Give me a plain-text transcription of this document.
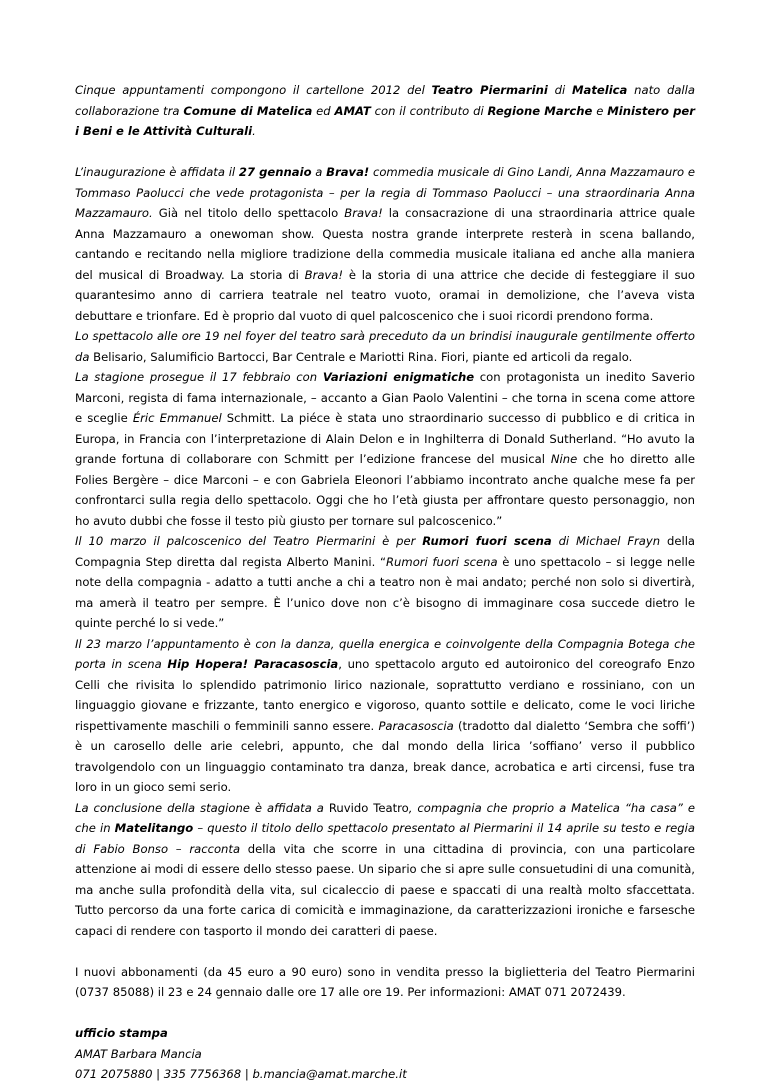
Cinque appuntamenti compongono il cartellone 2012 del Teatro Piermarini di Matelica nato dalla collaborazione tra Comune di Matelica ed AMAT con il contributo di Regione Marche e Ministero per i Beni e le Attività Culturali.

L’inaugurazione è affidata il 27 gennaio a Brava! commedia musicale di Gino Landi, Anna Mazzamauro e Tommaso Paolucci che vede protagonista – per la regia di Tommaso Paolucci – una straordinaria Anna Mazzamauro. Già nel titolo dello spettacolo Brava! la consacrazione di una straordinaria attrice quale Anna Mazzamauro a onewoman show. Questa nostra grande interprete resterà in scena ballando, cantando e recitando nella migliore tradizione della commedia musicale italiana ed anche alla maniera del musical di Broadway. La storia di Brava! è la storia di una attrice che decide di festeggiare il suo quarantesimo anno di carriera teatrale nel teatro vuoto, oramai in demolizione, che l’aveva vista debuttare e trionfare. Ed è proprio dal vuoto di quel palcoscenico che i suoi ricordi prendono forma.

Lo spettacolo alle ore 19 nel foyer del teatro sarà preceduto da un brindisi inaugurale gentilmente offerto da Belisario, Salumificio Bartocci, Bar Centrale e Mariotti Rina. Fiori, piante ed articoli da regalo.

La stagione prosegue il 17 febbraio con Variazioni enigmatiche con protagonista un inedito Saverio Marconi, regista di fama internazionale, – accanto a Gian Paolo Valentini – che torna in scena come attore e sceglie Éric Emmanuel Schmitt. La piéce è stata uno straordinario successo di pubblico e di critica in Europa, in Francia con l’interpretazione di Alain Delon e in Inghilterra di Donald Sutherland. “Ho avuto la grande fortuna di collaborare con Schmitt per l’edizione francese del musical Nine che ho diretto alle Folies Bergère – dice Marconi – e con Gabriela Eleonori l’abbiamo incontrato anche qualche mese fa per confrontarci sulla regia dello spettacolo. Oggi che ho l’età giusta per affrontare questo personaggio, non ho avuto dubbi che fosse il testo più giusto per tornare sul palcoscenico.”

Il 10 marzo il palcoscenico del Teatro Piermarini è per Rumori fuori scena di Michael Frayn della Compagnia Step diretta dal regista Alberto Manini. “Rumori fuori scena è uno spettacolo – si legge nelle note della compagnia - adatto a tutti anche a chi a teatro non è mai andato; perché non solo si divertirà, ma amerà il teatro per sempre. È l’unico dove non c’è bisogno di immaginare cosa succede dietro le quinte perché lo si vede.”

Il 23 marzo l’appuntamento è con la danza, quella energica e coinvolgente della Compagnia Botega che porta in scena Hip Hopera! Paracasoscia, uno spettacolo arguto ed autoironico del coreografo Enzo Celli che rivisita lo splendido patrimonio lirico nazionale, soprattutto verdiano e rossiniano, con un linguaggio giovane e frizzante, tanto energico e vigoroso, quanto sottile e delicato, come le voci liriche rispettivamente maschili o femminili sanno essere. Paracasoscia (tradotto dal dialetto ‘Sembra che soffi’) è un carosello delle arie celebri, appunto, che dal mondo della lirica ’soffiano’ verso il pubblico travolgendolo con un linguaggio contaminato tra danza, break dance, acrobatica e arti circensi, fuse tra loro in un gioco semi serio.

La conclusione della stagione è affidata a Ruvido Teatro, compagnia che proprio a Matelica “ha casa” e che in Matelitango – questo il titolo dello spettacolo presentato al Piermarini il 14 aprile su testo e regia di Fabio Bonso – racconta della vita che scorre in una cittadina di provincia, con una particolare attenzione ai modi di essere dello stesso paese. Un sipario che si apre sulle consuetudini di una comunità, ma anche sulla profondità della vita, sul cicaleccio di paese e spaccati di una realtà molto sfaccettata. Tutto percorso da una forte carica di comicità e immaginazione, da caratterizzazioni ironiche e farsesche capaci di rendere con tasporto il mondo dei caratteri di paese.

I nuovi abbonamenti (da 45 euro a 90 euro) sono in vendita presso la biglietteria del Teatro Piermarini (0737 85088) il 23 e 24 gennaio dalle ore 17 alle ore 19. Per informazioni: AMAT 071 2072439.

ufficio stampa

AMAT Barbara Mancia

071 2075880 | 335 7756368 | b.mancia@amat.marche.it
